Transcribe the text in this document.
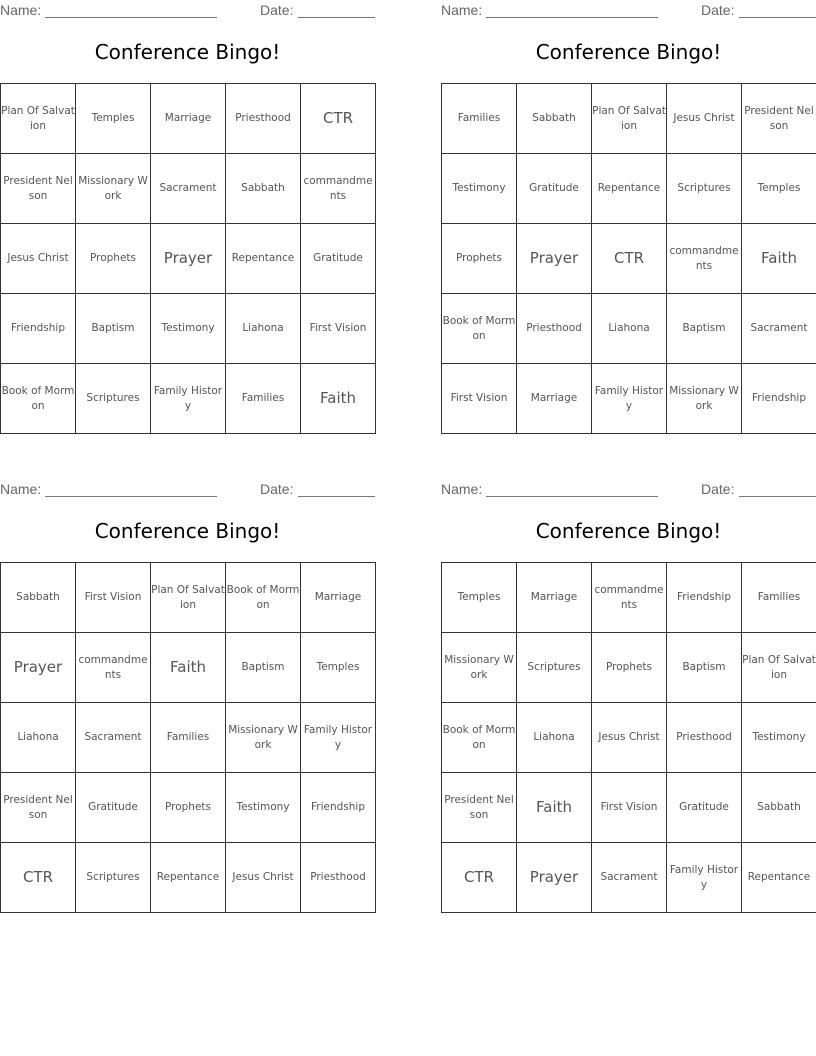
Name:	Date:
Conference Bingo!
Plan Of Salvation	Temples	Marriage	Priesthood	CTR
President Nelson	Missionary Work	Sacrament	Sabbath	commandments
Jesus Christ	Prophets	Prayer	Repentance	Gratitude
Friendship	Baptism	Testimony	Liahona	First Vision
Book of Mormon	Scriptures	Family History	Families	Faith
Name:	Date:
Conference Bingo!
Families	Sabbath	Plan Of Salvation	Jesus Christ	President Nelson
Testimony	Gratitude	Repentance	Scriptures	Temples
Prophets	Prayer	CTR	commandments	Faith
Book of Mormon	Priesthood	Liahona	Baptism	Sacrament
First Vision	Marriage	Family History	Missionary Work	Friendship
Name:	Date:
Conference Bingo!
Sabbath	First Vision	Plan Of Salvation	Book of Mormon	Marriage
Prayer	commandments	Faith	Baptism	Temples
Liahona	Sacrament	Families	Missionary Work	Family History
President Nelson	Gratitude	Prophets	Testimony	Friendship
CTR	Scriptures	Repentance	Jesus Christ	Priesthood
Name:	Date:
Conference Bingo!
Temples	Marriage	commandments	Friendship	Families
Missionary Work	Scriptures	Prophets	Baptism	Plan Of Salvation
Book of Mormon	Liahona	Jesus Christ	Priesthood	Testimony
President Nelson	Faith	First Vision	Gratitude	Sabbath
CTR	Prayer	Sacrament	Family History	Repentance
